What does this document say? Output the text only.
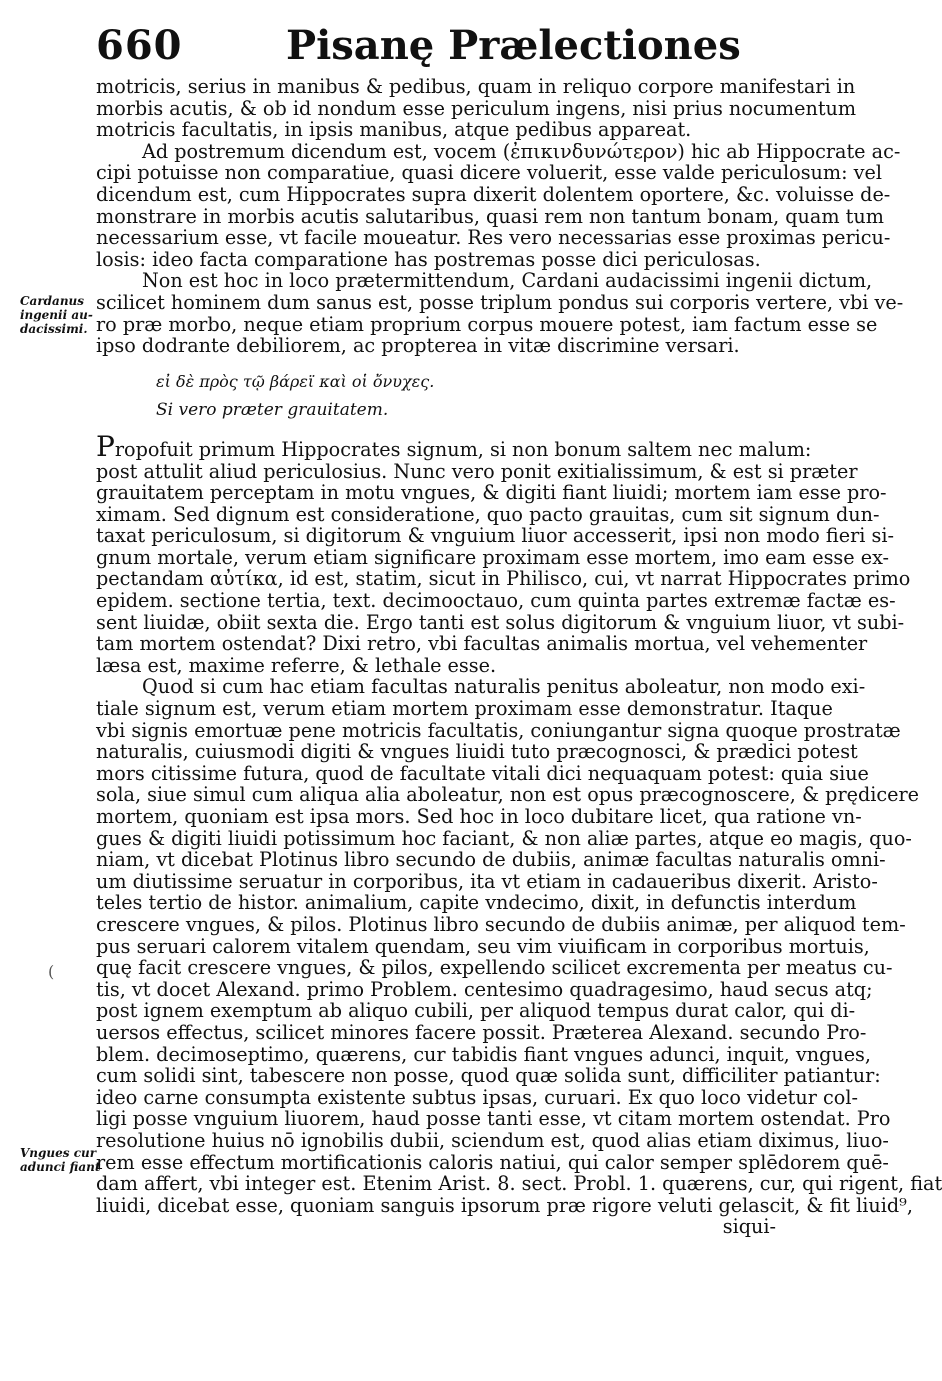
660	Pisanę Prælectiones
Cardanus ingenii au-dacissimi.
Vngues cur adunci fiant
(
motricis, serius in manibus & pedibus, quam in reliquo corpore manifestari in
morbis acutis, & ob id nondum esse periculum ingens, nisi prius nocumentum
motricis facultatis, in ipsis manibus, atque pedibus appareat.
Ad postremum dicendum est, vocem (ἐπικινδυνώτερον) hic ab Hippocrate ac-
cipi potuisse non comparatiue, quasi dicere voluerit, esse valde periculosum: vel
dicendum est, cum Hippocrates supra dixerit dolentem oportere, &c. voluisse de-
monstrare in morbis acutis salutaribus, quasi rem non tantum bonam, quam tum
necessarium esse, vt facile moueatur. Res vero necessarias esse proximas pericu-
losis: ideo facta comparatione has postremas posse dici periculosas.
Non est hoc in loco prætermittendum, Cardani audacissimi ingenii dictum,
scilicet hominem dum sanus est, posse triplum pondus sui corporis vertere, vbi ve-
ro præ morbo, neque etiam proprium corpus mouere potest, iam factum esse se
ipso dodrante debiliorem, ac propterea in vitæ discrimine versari.
εἰ δὲ πρὸς τῷ βάρεϊ καὶ οἱ ὄνυχες.
Si vero præter grauitatem.
Propofuit primum Hippocrates signum, si non bonum saltem nec malum:
post attulit aliud periculosius. Nunc vero ponit exitialissimum, & est si præter
grauitatem perceptam in motu vngues, & digiti fiant liuidi; mortem iam esse pro-
ximam. Sed dignum est consideratione, quo pacto grauitas, cum sit signum dun-
taxat periculosum, si digitorum & vnguium liuor accesserit, ipsi non modo fieri si-
gnum mortale, verum etiam significare proximam esse mortem, imo eam esse ex-
pectandam αὐτίκα, id est, statim, sicut in Philisco, cui, vt narrat Hippocrates primo
epidem. sectione tertia, text. decimooctauo, cum quinta partes extremæ factæ es-
sent liuidæ, obiit sexta die. Ergo tanti est solus digitorum & vnguium liuor, vt subi-
tam mortem ostendat? Dixi retro, vbi facultas animalis mortua, vel vehementer
læsa est, maxime referre, & lethale esse.
Quod si cum hac etiam facultas naturalis penitus aboleatur, non modo exi-
tiale signum est, verum etiam mortem proximam esse demonstratur. Itaque
vbi signis emortuæ pene motricis facultatis, coniungantur signa quoque prostratæ
naturalis, cuiusmodi digiti & vngues liuidi tuto præcognosci, & prædici potest
mors citissime futura, quod de facultate vitali dici nequaquam potest: quia siue
sola, siue simul cum aliqua alia aboleatur, non est opus præcognoscere, & prędicere
mortem, quoniam est ipsa mors. Sed hoc in loco dubitare licet, qua ratione vn-
gues & digiti liuidi potissimum hoc faciant, & non aliæ partes, atque eo magis, quo-
niam, vt dicebat Plotinus libro secundo de dubiis, animæ facultas naturalis omni-
um diutissime seruatur in corporibus, ita vt etiam in cadaueribus dixerit. Aristo-
teles tertio de histor. animalium, capite vndecimo, dixit, in defunctis interdum
crescere vngues, & pilos. Plotinus libro secundo de dubiis animæ, per aliquod tem-
pus seruari calorem vitalem quendam, seu vim viuificam in corporibus mortuis,
quę facit crescere vngues, & pilos, expellendo scilicet excrementa per meatus cu-
tis, vt docet Alexand. primo Problem. centesimo quadragesimo, haud secus atq;
post ignem exemptum ab aliquo cubili, per aliquod tempus durat calor, qui di-
uersos effectus, scilicet minores facere possit. Præterea Alexand. secundo Pro-
blem. decimoseptimo, quærens, cur tabidis fiant vngues adunci, inquit, vngues,
cum solidi sint, tabescere non posse, quod quæ solida sunt, difficiliter patiantur:
ideo carne consumpta existente subtus ipsas, curuari. Ex quo loco videtur col-
ligi posse vnguium liuorem, haud posse tanti esse, vt citam mortem ostendat. Pro
resolutione huius nō ignobilis dubii, sciendum est, quod alias etiam diximus, liuo-
rem esse effectum mortificationis caloris natiui, qui calor semper splēdorem quē-
dam affert, vbi integer est. Etenim Arist. 8. sect. Probl. 1. quærens, cur, qui rigent, fiat
liuidi, dicebat esse, quoniam sanguis ipsorum præ rigore veluti gelascit, & fit liuid⁹,
siqui-
